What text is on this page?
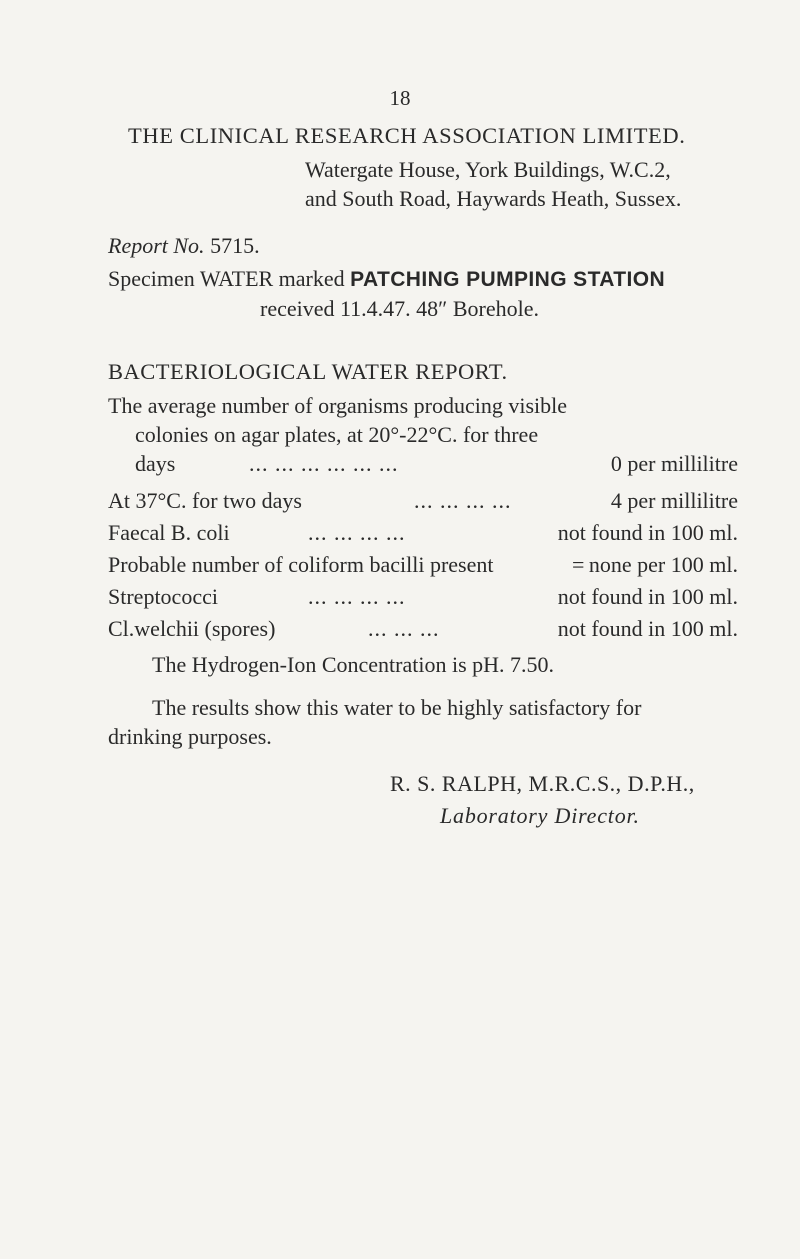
18
THE CLINICAL RESEARCH ASSOCIATION LIMITED.
Watergate House, York Buildings, W.C.2,
and South Road, Haywards Heath, Sussex.
Report No. 5715.
Specimen WATER marked PATCHING PUMPING STATION
received 11.4.47. 48″ Borehole.
BACTERIOLOGICAL WATER REPORT.
The average number of organisms producing visible
colonies on agar plates, at 20°-22°C. for three
days	... ... ... ... ... ...	0 per millilitre
At 37°C. for two days	... ... ... ...	4 per millilitre
Faecal B. coli	... ... ... ...	not found in 100 ml.
Probable number of coliform bacilli present	= none per 100 ml.
Streptococci	... ... ... ...	not found in 100 ml.
Cl.welchii (spores)	... ... ...	not found in 100 ml.
The Hydrogen-Ion Concentration is pH. 7.50.
The results show this water to be highly satisfactory for
drinking purposes.
R. S. RALPH, M.R.C.S., D.P.H.,
Laboratory Director.
